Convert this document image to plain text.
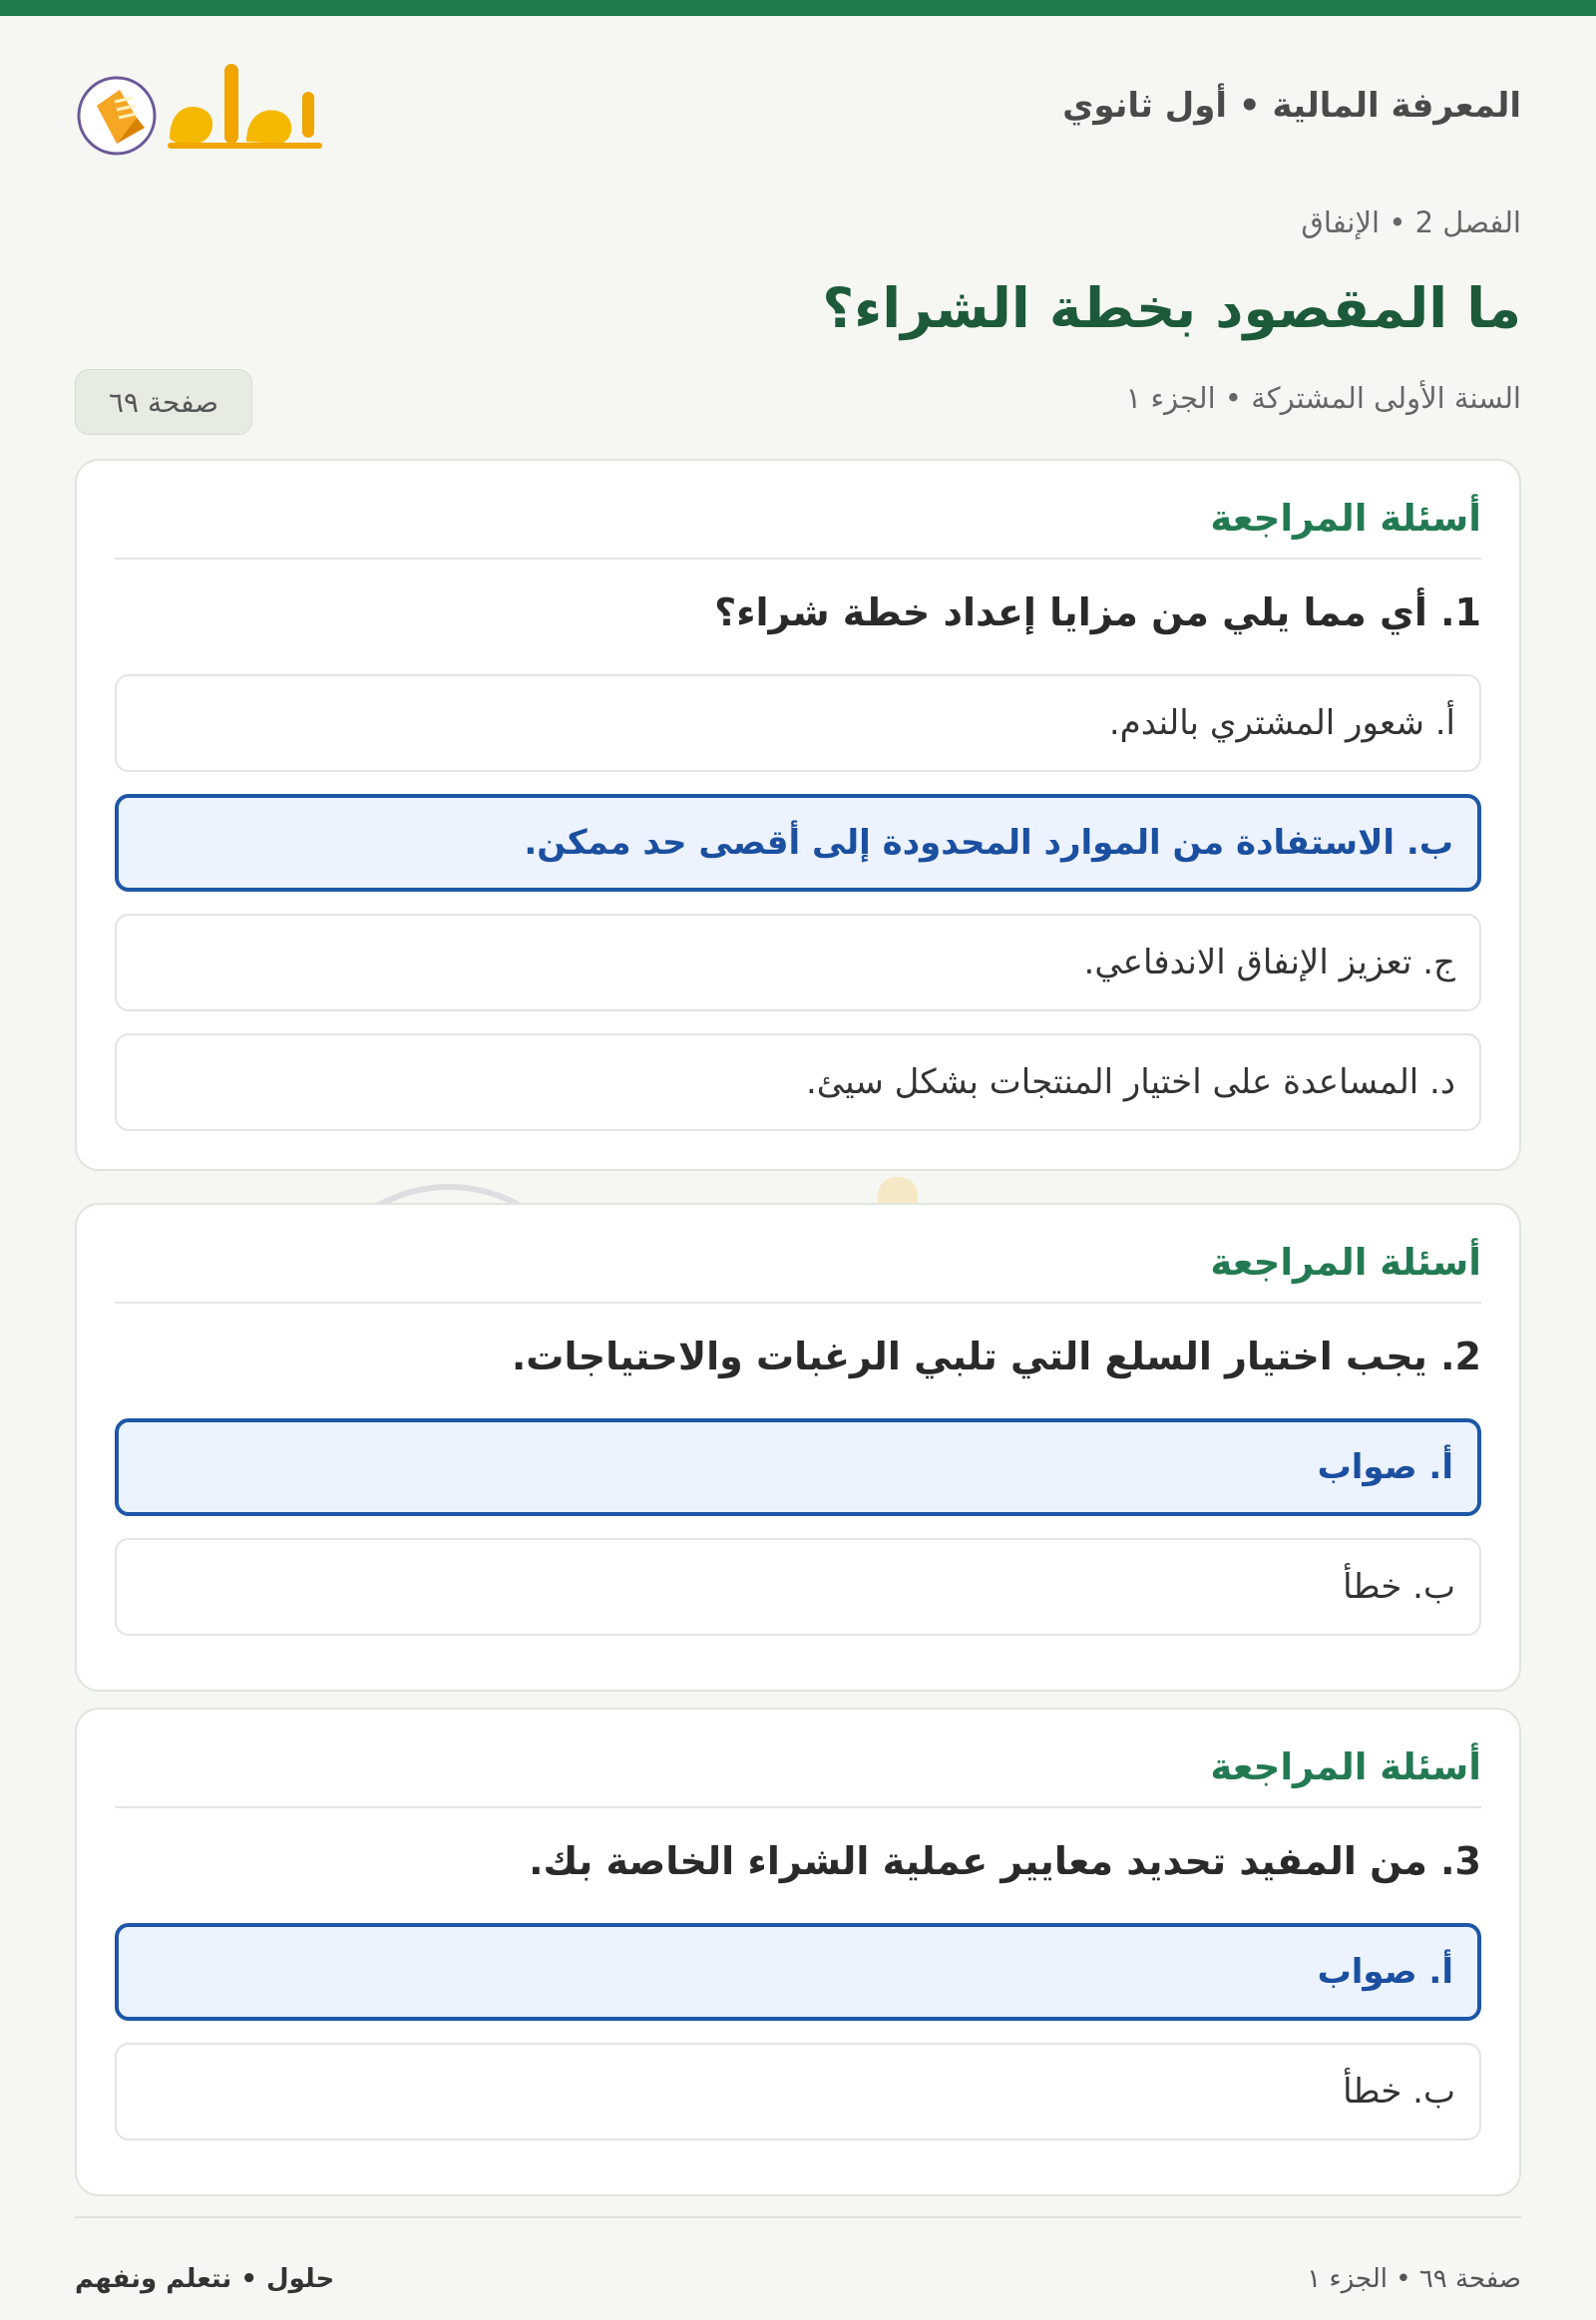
المعرفة المالية • أول ثانوي
الفصل 2 • الإنفاق
ما المقصود بخطة الشراء؟
السنة الأولى المشتركة • الجزء ١
صفحة ٦٩
أسئلة المراجعة
1. أي مما يلي من مزايا إعداد خطة شراء؟
أ. شعور المشتري بالندم.
ب. الاستفادة من الموارد المحدودة إلى أقصى حد ممكن.
ج. تعزيز الإنفاق الاندفاعي.
د. المساعدة على اختيار المنتجات بشكل سيئ.
أسئلة المراجعة
2. يجب اختيار السلع التي تلبي الرغبات والاحتياجات.
أ. صواب
ب. خطأ
أسئلة المراجعة
3. من المفيد تحديد معايير عملية الشراء الخاصة بك.
أ. صواب
ب. خطأ
صفحة ٦٩ • الجزء ١
حلول • نتعلم ونفهم
